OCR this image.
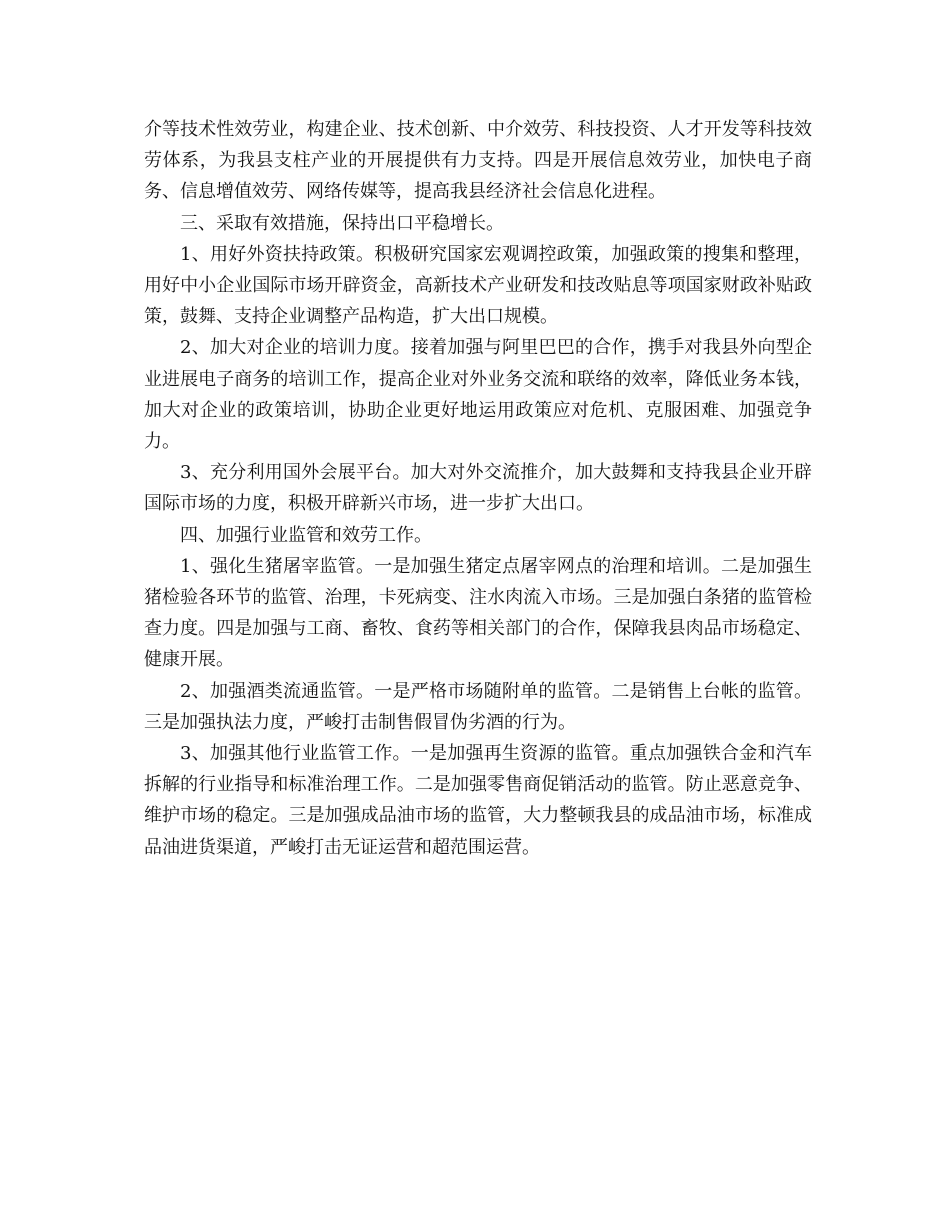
介等技术性效劳业，构建企业、技术创新、中介效劳、科技投资、人才开发等科技效劳体系，为我县支柱产业的开展提供有力支持。四是开展信息效劳业，加快电子商务、信息增值效劳、网络传媒等，提高我县经济社会信息化进程。

三、采取有效措施，保持出口平稳增长。

1、用好外资扶持政策。积极研究国家宏观调控政策，加强政策的搜集和整理，用好中小企业国际市场开辟资金，高新技术产业研发和技改贴息等项国家财政补贴政策，鼓舞、支持企业调整产品构造，扩大出口规模。

2、加大对企业的培训力度。接着加强与阿里巴巴的合作，携手对我县外向型企业进展电子商务的培训工作，提高企业对外业务交流和联络的效率，降低业务本钱，加大对企业的政策培训，协助企业更好地运用政策应对危机、克服困难、加强竞争力。

3、充分利用国外会展平台。加大对外交流推介，加大鼓舞和支持我县企业开辟国际市场的力度，积极开辟新兴市场，进一步扩大出口。

四、加强行业监管和效劳工作。

1、强化生猪屠宰监管。一是加强生猪定点屠宰网点的治理和培训。二是加强生猪检验各环节的监管、治理，卡死病变、注水肉流入市场。三是加强白条猪的监管检查力度。四是加强与工商、畜牧、食药等相关部门的合作，保障我县肉品市场稳定、健康开展。

2、加强酒类流通监管。一是严格市场随附单的监管。二是销售上台帐的监管。三是加强执法力度，严峻打击制售假冒伪劣酒的行为。

3、加强其他行业监管工作。一是加强再生资源的监管。重点加强铁合金和汽车拆解的行业指导和标准治理工作。二是加强零售商促销活动的监管。防止恶意竞争、维护市场的稳定。三是加强成品油市场的监管，大力整顿我县的成品油市场，标准成品油进货渠道，严峻打击无证运营和超范围运营。
